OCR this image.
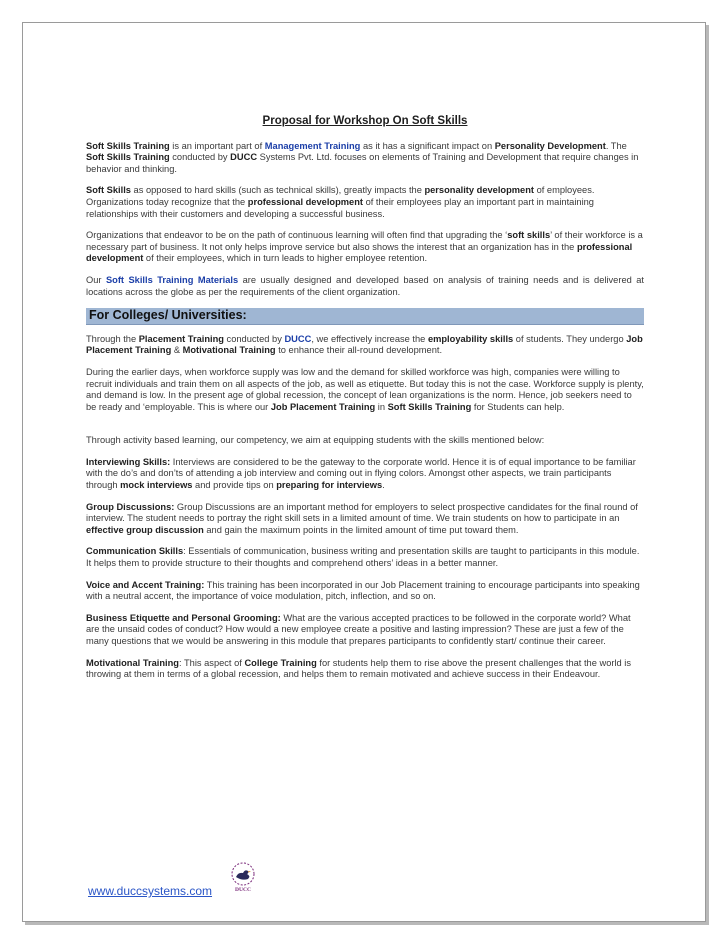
Proposal for Workshop On Soft Skills

Soft Skills Training is an important part of Management Training as it has a significant impact on Personality Development. The Soft Skills Training conducted by DUCC Systems Pvt. Ltd. focuses on elements of Training and Development that require changes in behavior and thinking.

Soft Skills as opposed to hard skills (such as technical skills), greatly impacts the personality development of employees. Organizations today recognize that the professional development of their employees play an important part in maintaining relationships with their customers and developing a successful business.

Organizations that endeavor to be on the path of continuous learning will often find that upgrading the ‘soft skills’ of their workforce is a necessary part of business. It not only helps improve service but also shows the interest that an organization has in the professional development of their employees, which in turn leads to higher employee retention.

Our Soft Skills Training Materials are usually designed and developed based on analysis of training needs and is delivered at locations across the globe as per the requirements of the client organization.

For Colleges/ Universities:

Through the Placement Training conducted by DUCC, we effectively increase the employability skills of students. They undergo Job Placement Training & Motivational Training to enhance their all-round development.

During the earlier days, when workforce supply was low and the demand for skilled workforce was high, companies were willing to recruit individuals and train them on all aspects of the job, as well as etiquette. But today this is not the case. Workforce supply is plenty, and demand is low. In the present age of global recession, the concept of lean organizations is the norm. Hence, job seekers need to be ready and ‘employable. This is where our Job Placement Training in Soft Skills Training for Students can help.

Through activity based learning, our competency, we aim at equipping students with the skills mentioned below:

Interviewing Skills: Interviews are considered to be the gateway to the corporate world. Hence it is of equal importance to be familiar with the do’s and don’ts of attending a job interview and coming out in flying colors. Amongst other aspects, we train participants through mock interviews and provide tips on preparing for interviews.

Group Discussions: Group Discussions are an important method for employers to select prospective candidates for the final round of interview. The student needs to portray the right skill sets in a limited amount of time. We train students on how to participate in an effective group discussion and gain the maximum points in the limited amount of time put toward them.

Communication Skills: Essentials of communication, business writing and presentation skills are taught to participants in this module. It helps them to provide structure to their thoughts and comprehend others’ ideas in a better manner.

Voice and Accent Training: This training has been incorporated in our Job Placement training to encourage participants into speaking with a neutral accent, the importance of voice modulation, pitch, inflection, and so on.

Business Etiquette and Personal Grooming: What are the various accepted practices to be followed in the corporate world? What are the unsaid codes of conduct? How would a new employee create a positive and lasting impression? These are just a few of the many questions that we would be answering in this module that prepares participants to confidently start/ continue their career.

Motivational Training: This aspect of College Training for students help them to rise above the present challenges that the world is throwing at them in terms of a global recession, and helps them to remain motivated and achieve success in their Endeavour.

www.duccsystems.com	DUCC
